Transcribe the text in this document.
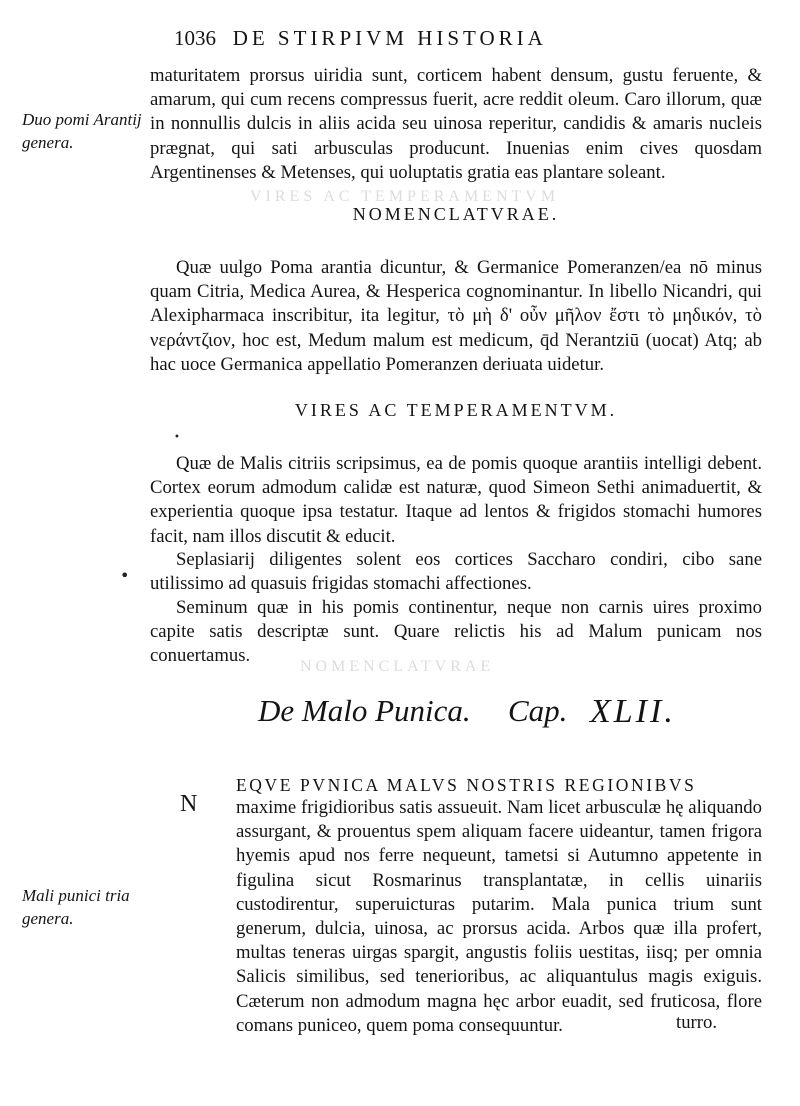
VIRES AC TEMPERAMENTVM
NOMENCLATVRAE
1036 DE STIRPIVM HISTORIA
Duo pomi Arantij genera.
Mali punici tria genera.
maturitatem prorsus uiridia sunt, corticem habent densum, gustu feruente, & amarum, qui cum recens compressus fuerit, acre reddit oleum. Caro illorum, quæ in nonnullis dulcis in aliis acida seu uinosa reperitur, candidis & amaris nucleis prægnat, qui sati arbusculas producunt. Inuenias enim cives quosdam Argentinenses & Metenses, qui uoluptatis gratia eas plantare soleant.
NOMENCLATVRAE.
Quæ uulgo Poma arantia dicuntur, & Germanice Pomeranzen/ea nō minus quam Citria, Medica Aurea, & Hesperica cognominantur. In libello Nicandri, qui Alexipharmaca inscribitur, ita legitur, τὸ μὴ δ' οὖν μῆλον ἔστι τὸ μηδικόν, τὸ νεράντζιον, hoc est, Medum malum est medicum, q̄d Nerantziū (uocat) Atq; ab hac uoce Germanica appellatio Pomeranzen deriuata uidetur.
VIRES AC TEMPERAMENTVM.
Quæ de Malis citriis scripsimus, ea de pomis quoque arantiis intelligi debent. Cortex eorum admodum calidæ est naturæ, quod Simeon Sethi animaduertit, & experientia quoque ipsa testatur. Itaque ad lentos & frigidos stomachi humores facit, nam illos discutit & educit.
Seplasiarij diligentes solent eos cortices Saccharo condiri, cibo sane utilissimo ad quasuis frigidas stomachi affectiones.
Seminum quæ in his pomis continentur, neque non carnis uires proximo capite satis descriptæ sunt. Quare relictis his ad Malum punicam nos conuertamus.
De Malo Punica. Cap. XLII.
N
EQVE PVNICA MALVS NOSTRIS REGIONIBVS
maxime frigidioribus satis assueuit. Nam licet arbusculæ hę aliquando assurgant, & prouentus spem aliquam facere uideantur, tamen frigora hyemis apud nos ferre nequeunt, tametsi si Autumno appetente in figulina sicut Rosmarinus transplantatæ, in cellis uinariis custodirentur, superuicturas putarim. Mala punica trium sunt generum, dulcia, uinosa, ac prorsus acida. Arbos quæ illa profert, multas teneras uirgas spargit, angustis foliis uestitas, iisq; per omnia Salicis similibus, sed tenerioribus, ac aliquantulus magis exiguis. Cæterum non admodum magna hęc arbor euadit, sed fruticosa, flore comans puniceo, quem poma consequuntur.	turro.
•
•
